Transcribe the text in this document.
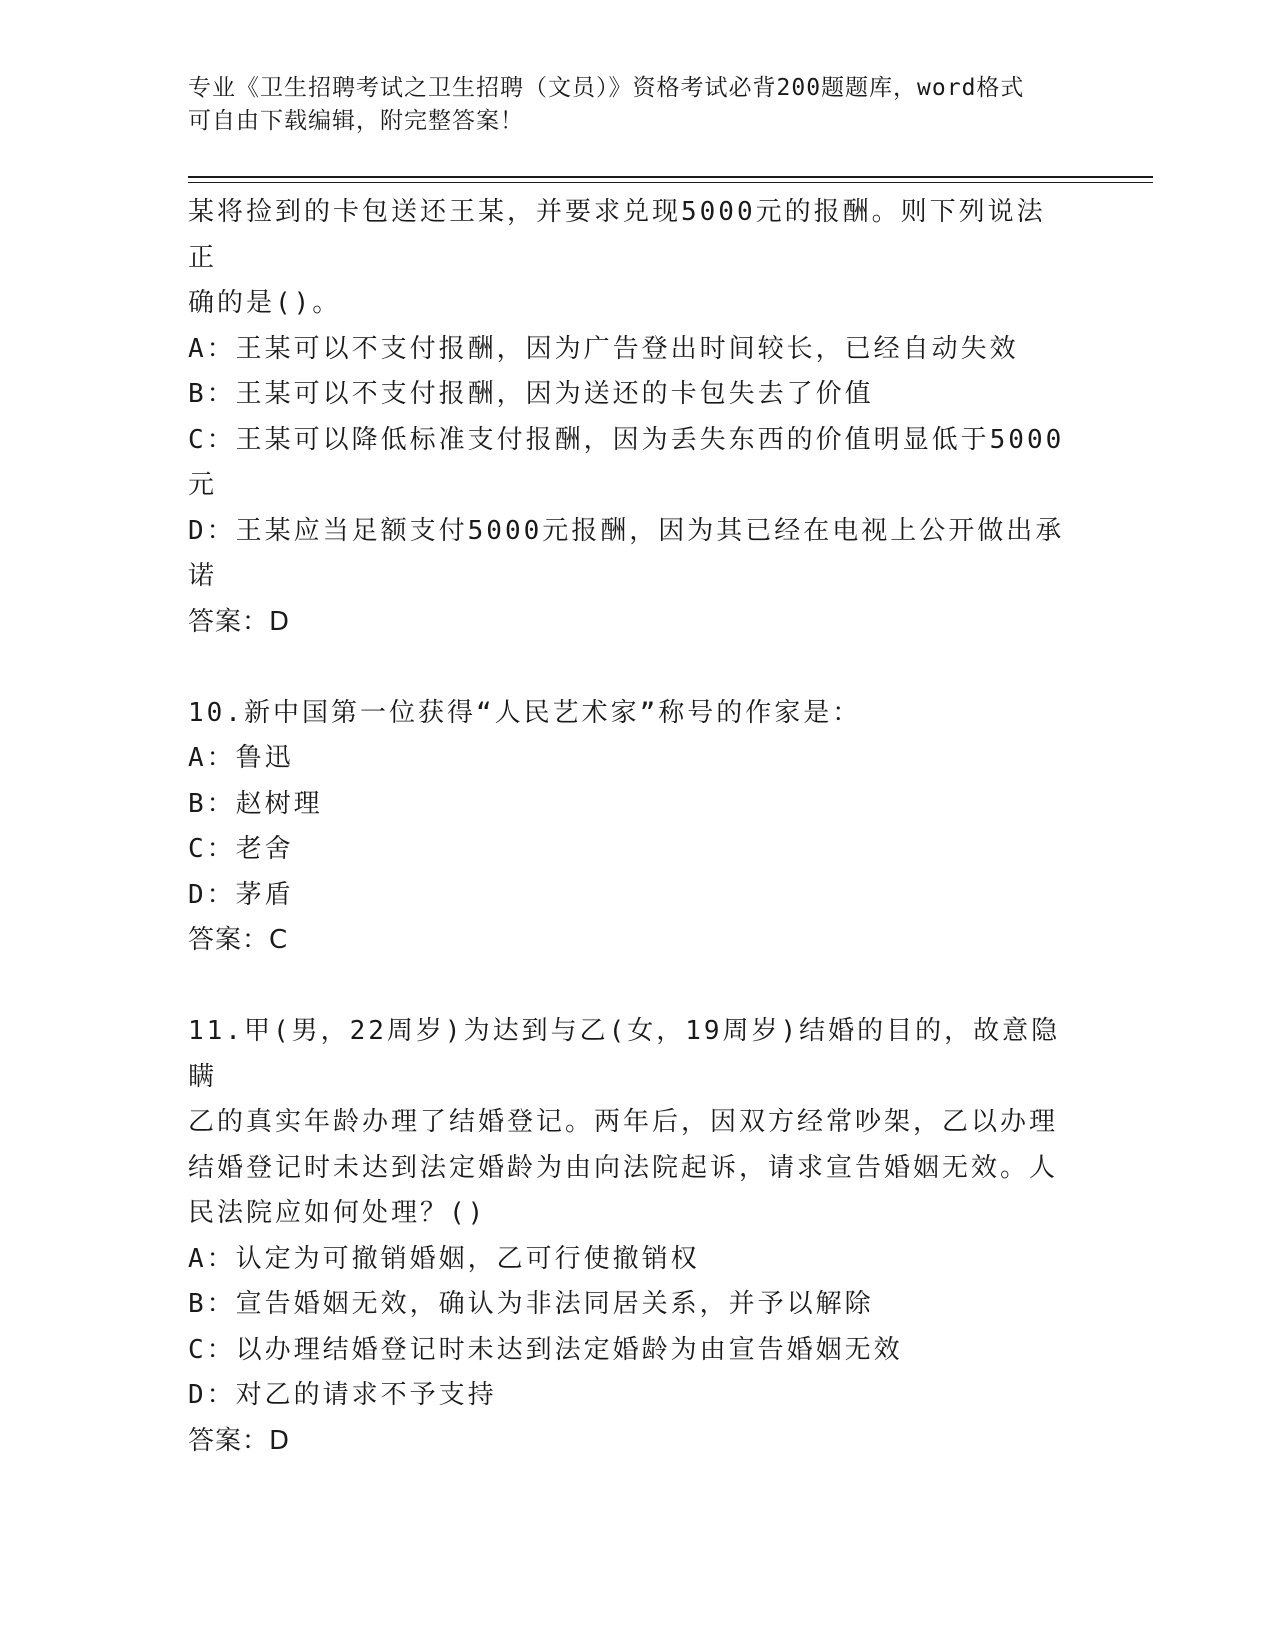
专业《卫生招聘考试之卫生招聘（文员）》资格考试必背200题题库，word格式
可自由下载编辑，附完整答案！
某将捡到的卡包送还王某，并要求兑现5000元的报酬。则下列说法正
确的是()。
A：王某可以不支付报酬，因为广告登出时间较长，已经自动失效
B：王某可以不支付报酬，因为送还的卡包失去了价值
C：王某可以降低标准支付报酬，因为丢失东西的价值明显低于5000
元
D：王某应当足额支付5000元报酬，因为其已经在电视上公开做出承
诺
答案：D
10.新中国第一位获得“人民艺术家”称号的作家是：
A：鲁迅
B：赵树理
C：老舍
D：茅盾
答案：C
11.甲(男，22周岁)为达到与乙(女，19周岁)结婚的目的，故意隐瞒
乙的真实年龄办理了结婚登记。两年后，因双方经常吵架，乙以办理
结婚登记时未达到法定婚龄为由向法院起诉，请求宣告婚姻无效。人
民法院应如何处理？()
A：认定为可撤销婚姻，乙可行使撤销权
B：宣告婚姻无效，确认为非法同居关系，并予以解除
C：以办理结婚登记时未达到法定婚龄为由宣告婚姻无效
D：对乙的请求不予支持
答案：D
